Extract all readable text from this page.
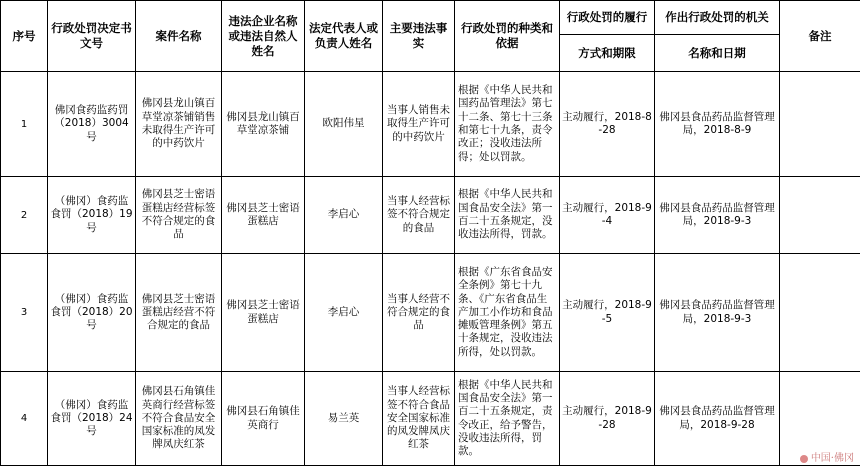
序号	行政处罚决定书文号	案件名称	违法企业名称或违法自然人姓名	法定代表人或负责人姓名	主要违法事实	行政处罚的种类和依据	行政处罚的履行	作出行政处罚的机关	备注
							方式和期限	名称和日期	
1	佛冈食药监药罚（2018）3004号	佛冈县龙山镇百草堂凉茶铺销售未取得生产许可的中药饮片	佛冈县龙山镇百草堂凉茶铺	欧阳伟星	当事人销售未取得生产许可的中药饮片	根据《中华人民共和国药品管理法》第七十二条、第七十三条和第七十九条，责令改正；没收违法所得；处以罚款。	主动履行，2018-8-28	佛冈县食品药品监督管理局，2018-8-9	
2	（佛冈）食药监食罚（2018）19号	佛冈县芝士密语蛋糕店经营标签不符合规定的食品	佛冈县芝士密语蛋糕店	李启心	当事人经营标签不符合规定的食品	根据《中华人民共和国食品安全法》第一百二十五条规定，没收违法所得，罚款。	主动履行，2018-9-4	佛冈县食品药品监督管理局，2018-9-3	
3	（佛冈）食药监食罚（2018）20号	佛冈县芝士密语蛋糕店经营不符合规定的食品	佛冈县芝士密语蛋糕店	李启心	当事人经营不符合规定的食品	根据《广东省食品安全条例》第七十九条、《广东省食品生产加工小作坊和食品摊贩管理条例》第五十条规定，没收违法所得，处以罚款。	主动履行，2018-9-5	佛冈县食品药品监督管理局，2018-9-3	
4	（佛冈）食药监食罚（2018）24号	佛冈县石角镇佳英商行经营标签不符合食品安全国家标准的凤发牌凤庆红茶	佛冈县石角镇佳英商行	易兰英	当事人经营标签不符合食品安全国家标准的凤发牌凤庆红茶	根据《中华人民共和国食品安全法》第一百二十五条规定，责令改正，给予警告，没收违法所得，罚款。	主动履行，2018-9-28	佛冈县食品药品监督管理局，2018-9-28	
中国·佛冈
